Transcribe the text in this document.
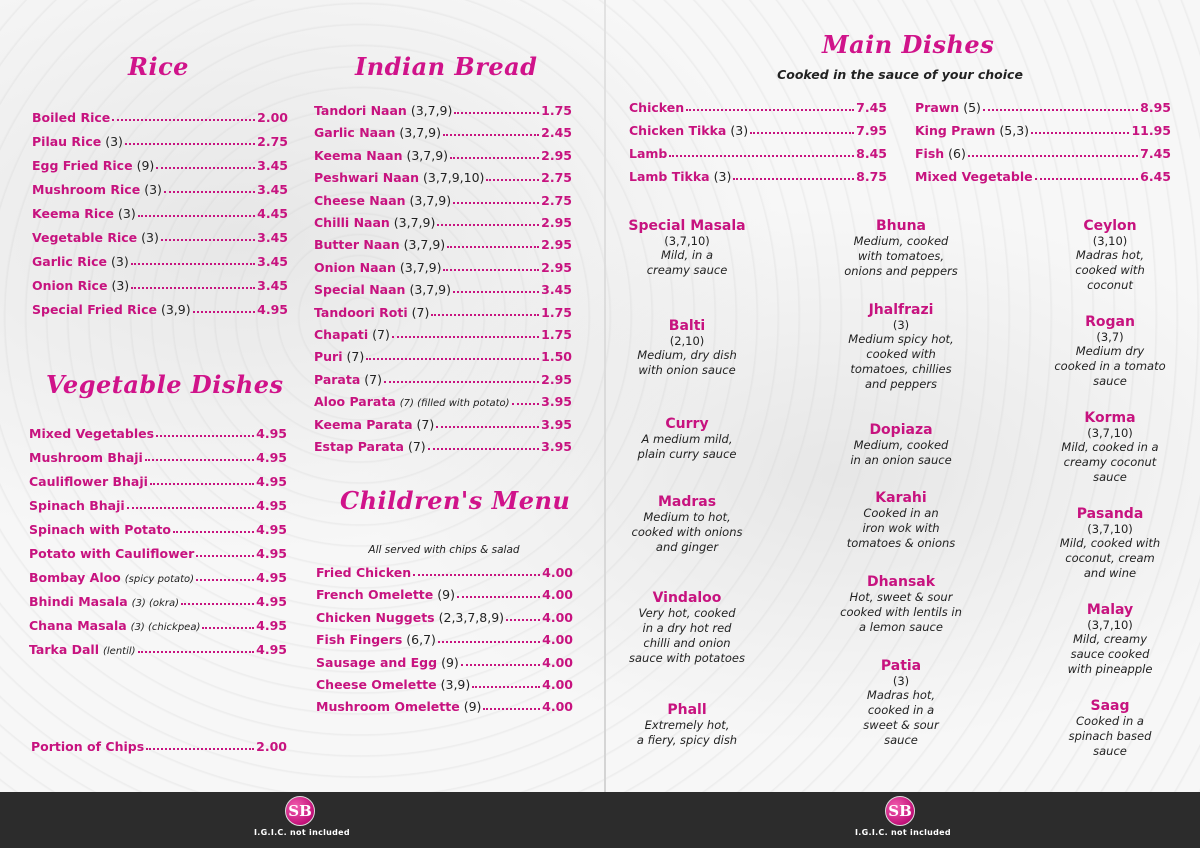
Rice	Indian Bread
Vegetable Dishes
Children's Menu
Main Dishes
Cooked in the sauce of your choice
All served with chips & salad
Boiled Rice	2.00
Pilau Rice (3)	2.75
Egg Fried Rice (9)	3.45
Mushroom Rice (3)	3.45
Keema Rice (3)	4.45
Vegetable Rice (3)	3.45
Garlic Rice (3)	3.45
Onion Rice (3)	3.45
Special Fried Rice (3,9)	4.95
Mixed Vegetables	4.95
Mushroom Bhaji	4.95
Cauliflower Bhaji	4.95
Spinach Bhaji	4.95
Spinach with Potato	4.95
Potato with Cauliflower	4.95
Bombay Aloo (spicy potato)	4.95
Bhindi Masala (3) (okra)	4.95
Chana Masala (3) (chickpea)	4.95
Tarka Dall (lentil)	4.95
Tandori Naan (3,7,9)	1.75
Garlic Naan (3,7,9)	2.45
Keema Naan (3,7,9)	2.95
Peshwari Naan (3,7,9,10)	2.75
Cheese Naan (3,7,9)	2.75
Chilli Naan (3,7,9)	2.95
Butter Naan (3,7,9)	2.95
Onion Naan (3,7,9)	2.95
Special Naan (3,7,9)	3.45
Tandoori Roti (7)	1.75
Chapati (7)	1.75
Puri (7)	1.50
Parata (7)	2.95
Aloo Parata (7) (filled with potato)	3.95
Keema Parata (7)	3.95
Estap Parata (7)	3.95
Fried Chicken	4.00
French Omelette (9)	4.00
Chicken Nuggets (2,3,7,8,9)	4.00
Fish Fingers (6,7)	4.00
Sausage and Egg (9)	4.00
Cheese Omelette (3,9)	4.00
Mushroom Omelette (9)	4.00
Chicken	7.45
Chicken Tikka (3)	7.95
Lamb	8.45
Lamb Tikka (3)	8.75
Prawn (5)	8.95
King Prawn (5,3)	11.95
Fish (6)	7.45
Mixed Vegetable	6.45
Portion of Chips	2.00
Special Masala
(3,7,10)
Mild, in a
creamy sauce
Balti
(2,10)
Medium, dry dish
with onion sauce
Curry
A medium mild,
plain curry sauce
Madras
Medium to hot,
cooked with onions
and ginger
Vindaloo
Very hot, cooked
in a dry hot red
chilli and onion
sauce with potatoes
Phall
Extremely hot,
a fiery, spicy dish
Bhuna
Medium, cooked
with tomatoes,
onions and peppers
Jhalfrazi
(3)
Medium spicy hot,
cooked with
tomatoes, chillies
and peppers
Dopiaza
Medium, cooked
in an onion sauce
Karahi
Cooked in an
iron wok with
tomatoes & onions
Dhansak
Hot, sweet & sour
cooked with lentils in
a lemon sauce
Patia
(3)
Madras hot,
cooked in a
sweet & sour
sauce
Ceylon
(3,10)
Madras hot,
cooked with
coconut
Rogan
(3,7)
Medium dry
cooked in a tomato
sauce
Korma
(3,7,10)
Mild, cooked in a
creamy coconut
sauce
Pasanda
(3,7,10)
Mild, cooked with
coconut, cream
and wine
Malay
(3,7,10)
Mild, creamy
sauce cooked
with pineapple
Saag
Cooked in a
spinach based
sauce
SB	SB
I.G.I.C. not included	I.G.I.C. not included
